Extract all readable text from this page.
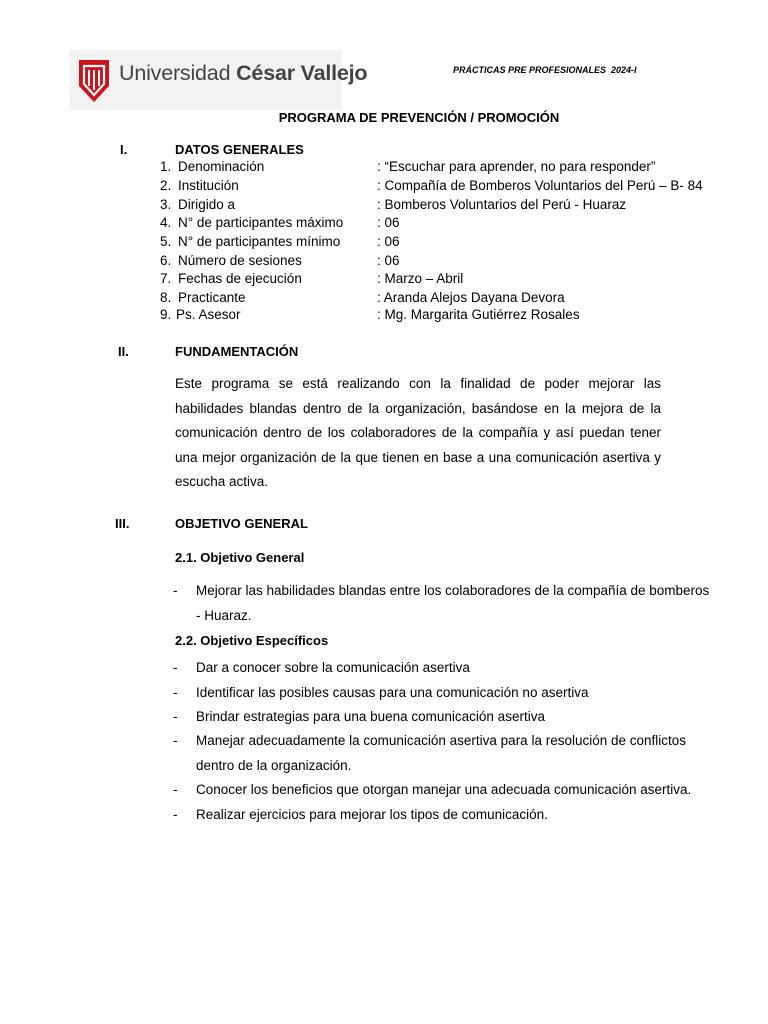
Universidad César Vallejo	PRÁCTICAS PRE PROFESIONALES  2024-I
PROGRAMA DE PREVENCIÓN / PROMOCIÓN
I.	DATOS GENERALES
1. Denominación	: “Escuchar para aprender, no para responder”
2. Institución	: Compañía de Bomberos Voluntarios del Perú – B- 84
3. Dirigido a	: Bomberos Voluntarios del Perú - Huaraz
4. N° de participantes máximo	: 06
5. N° de participantes mínimo	: 06
6. Número de sesiones	: 06
7. Fechas de ejecución	: Marzo – Abril
8. Practicante	: Aranda Alejos Dayana Devora
9. Ps. Asesor	: Mg. Margarita Gutiérrez Rosales
II.	FUNDAMENTACIÓN
Este programa se está realizando con la finalidad de poder mejorar las habilidades blandas dentro de la organización, basándose en la mejora de la comunicación dentro de los colaboradores de la compañía y así puedan tener una mejor organización de la que tienen en base a una comunicación asertiva y escucha activa.
III.	OBJETIVO GENERAL
2.1. Objetivo General
- Mejorar las habilidades blandas entre los colaboradores de la compañía de bomberos - Huaraz.
2.2. Objetivo Específicos
- Dar a conocer sobre la comunicación asertiva
- Identificar las posibles causas para una comunicación no asertiva
- Brindar estrategias para una buena comunicación asertiva
- Manejar adecuadamente la comunicación asertiva para la resolución de conflictos dentro de la organización.
- Conocer los beneficios que otorgan manejar una adecuada comunicación asertiva.
- Realizar ejercicios para mejorar los tipos de comunicación.
